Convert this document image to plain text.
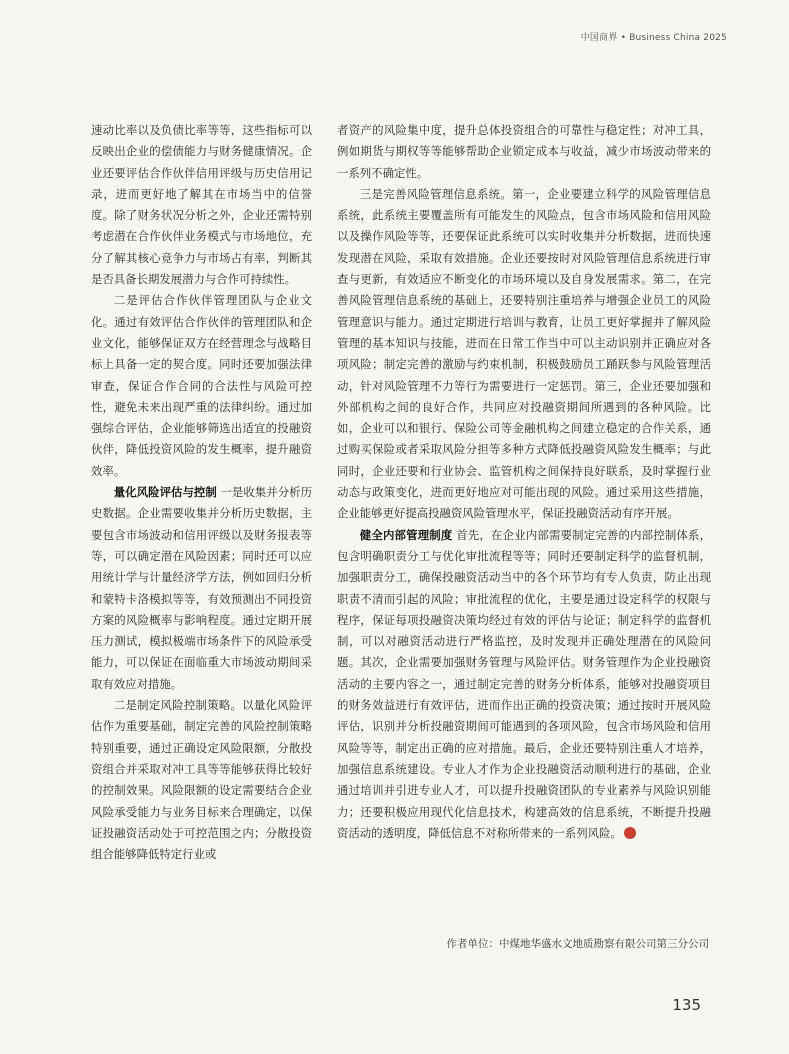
中国商界 • Business China 2025

速动比率以及负债比率等等，这些指标可以反映出企业的偿债能力与财务健康情况。企业还要评估合作伙伴信用评级与历史信用记录，进而更好地了解其在市场当中的信誉度。除了财务状况分析之外，企业还需特别考虑潜在合作伙伴业务模式与市场地位，充分了解其核心竞争力与市场占有率，判断其是否具备长期发展潜力与合作可持续性。

二是评估合作伙伴管理团队与企业文化。通过有效评估合作伙伴的管理团队和企业文化，能够保证双方在经营理念与战略目标上具备一定的契合度。同时还要加强法律审查，保证合作合同的合法性与风险可控性，避免未来出现严重的法律纠纷。通过加强综合评估，企业能够筛选出适宜的投融资伙伴，降低投资风险的发生概率，提升融资效率。

量化风险评估与控制 一是收集并分析历史数据。企业需要收集并分析历史数据，主要包含市场波动和信用评级以及财务报表等等，可以确定潜在风险因素；同时还可以应用统计学与计量经济学方法，例如回归分析和蒙特卡洛模拟等等，有效预测出不同投资方案的风险概率与影响程度。通过定期开展压力测试，模拟极端市场条件下的风险承受能力，可以保证在面临重大市场波动期间采取有效应对措施。

二是制定风险控制策略。以量化风险评估作为重要基础，制定完善的风险控制策略特别重要，通过正确设定风险限额，分散投资组合并采取对冲工具等等能够获得比较好的控制效果。风险限额的设定需要结合企业风险承受能力与业务目标来合理确定，以保证投融资活动处于可控范围之内；分散投资组合能够降低特定行业或

者资产的风险集中度，提升总体投资组合的可靠性与稳定性；对冲工具，例如期货与期权等等能够帮助企业锁定成本与收益，减少市场波动带来的一系列不确定性。

三是完善风险管理信息系统。第一，企业要建立科学的风险管理信息系统，此系统主要覆盖所有可能发生的风险点，包含市场风险和信用风险以及操作风险等等，还要保证此系统可以实时收集并分析数据，进而快速发现潜在风险，采取有效措施。企业还要按时对风险管理信息系统进行审查与更新，有效适应不断变化的市场环境以及自身发展需求。第二，在完善风险管理信息系统的基础上，还要特别注重培养与增强企业员工的风险管理意识与能力。通过定期进行培训与教育，让员工更好掌握并了解风险管理的基本知识与技能，进而在日常工作当中可以主动识别并正确应对各项风险；制定完善的激励与约束机制，积极鼓励员工踊跃参与风险管理活动，针对风险管理不力等行为需要进行一定惩罚。第三，企业还要加强和外部机构之间的良好合作，共同应对投融资期间所遇到的各种风险。比如，企业可以和银行、保险公司等金融机构之间建立稳定的合作关系，通过购买保险或者采取风险分担等多种方式降低投融资风险发生概率；与此同时，企业还要和行业协会、监管机构之间保持良好联系，及时掌握行业动态与政策变化，进而更好地应对可能出现的风险。通过采用这些措施，企业能够更好提高投融资风险管理水平，保证投融资活动有序开展。

健全内部管理制度 首先，在企业内部需要制定完善的内部控制体系，包含明确职责分工与优化审批流程等等；同时还要制定科学的监督机制，加强职责分工，确保投融资活动当中的各个环节均有专人负责，防止出现职责不清而引起的风险；审批流程的优化，主要是通过设定科学的权限与程序，保证每项投融资决策均经过有效的评估与论证；制定科学的监督机制，可以对融资活动进行严格监控，及时发现并正确处理潜在的风险问题。其次，企业需要加强财务管理与风险评估。财务管理作为企业投融资活动的主要内容之一，通过制定完善的财务分析体系，能够对投融资项目的财务效益进行有效评估，进而作出正确的投资决策；通过按时开展风险评估，识别并分析投融资期间可能遇到的各项风险，包含市场风险和信用风险等等，制定出正确的应对措施。最后，企业还要特别注重人才培养，加强信息系统建设。专业人才作为企业投融资活动顺利进行的基础，企业通过培训并引进专业人才，可以提升投融资团队的专业素养与风险识别能力；还要积极应用现代化信息技术，构建高效的信息系统，不断提升投融资活动的透明度，降低信息不对称所带来的一系列风险。

作者单位：中煤地华盛水文地质勘察有限公司第三分公司
135
